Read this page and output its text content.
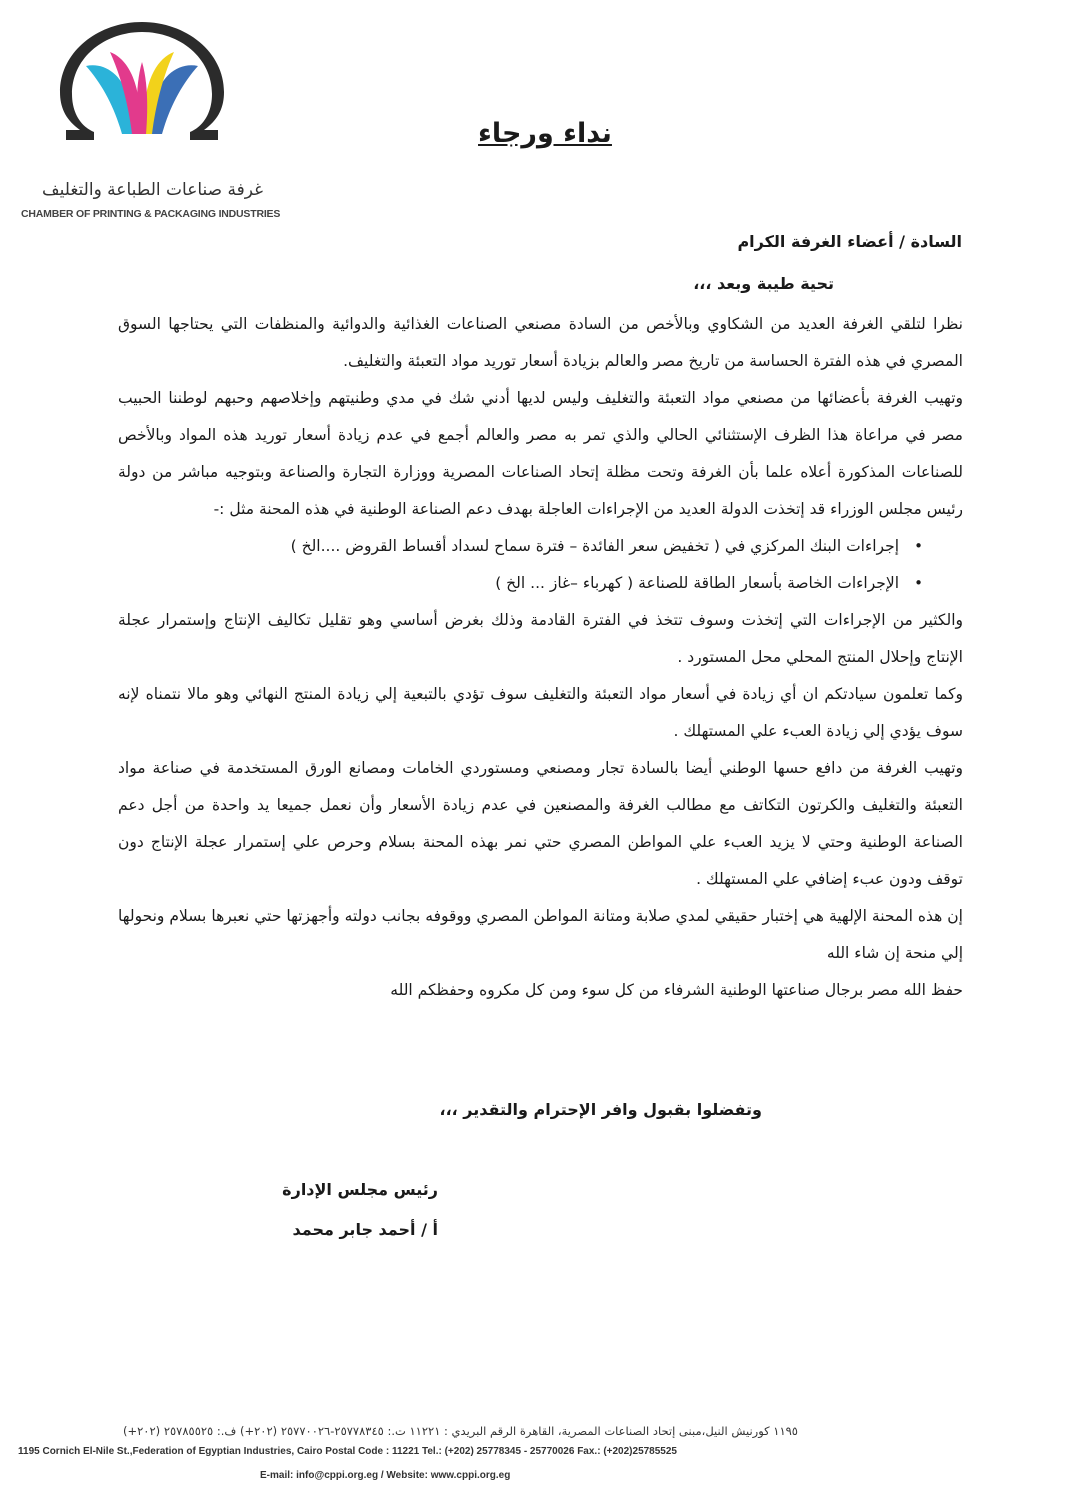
غرفة صناعات الطباعة والتغليف
CHAMBER OF PRINTING & PACKAGING INDUSTRIES
نداء ورجاء
السادة / أعضاء الغرفة الكرام
تحية طيبة وبعد ،،،

نظرا لتلقي الغرفة العديد من الشكاوي وبالأخص من السادة مصنعي الصناعات الغذائية والدوائية والمنظفات التي يحتاجها السوق المصري في هذه الفترة الحساسة من تاريخ مصر والعالم بزيادة أسعار توريد مواد التعبئة والتغليف.

وتهيب الغرفة بأعضائها من مصنعي مواد التعبئة والتغليف وليس لديها أدني شك في مدي وطنيتهم وإخلاصهم وحبهم لوطننا الحبيب مصر في مراعاة هذا الظرف الإستثنائي الحالي والذي تمر به مصر والعالم أجمع في عدم زيادة أسعار توريد هذه المواد وبالأخص للصناعات المذكورة أعلاه علما بأن الغرفة وتحت مظلة إتحاد الصناعات المصرية ووزارة التجارة والصناعة وبتوجيه مباشر من دولة رئيس مجلس الوزراء قد إتخذت الدولة العديد من الإجراءات العاجلة بهدف دعم الصناعة الوطنية في هذه المحنة مثل :-

• إجراءات البنك المركزي في ( تخفيض سعر الفائدة – فترة سماح لسداد أقساط القروض ....الخ )
• الإجراءات الخاصة بأسعار الطاقة للصناعة ( كهرباء –غاز ... الخ )

والكثير من الإجراءات التي إتخذت وسوف تتخذ في الفترة القادمة وذلك بغرض أساسي وهو تقليل تكاليف الإنتاج وإستمرار عجلة الإنتاج وإحلال المنتج المحلي محل المستورد .

وكما تعلمون سيادتكم ان أي زيادة في أسعار مواد التعبئة والتغليف سوف تؤدي بالتبعية إلي زيادة المنتج النهائي وهو مالا نتمناه لإنه سوف يؤدي إلي زيادة العبء علي المستهلك .

وتهيب الغرفة من دافع حسها الوطني أيضا بالسادة تجار ومصنعي ومستوردي الخامات ومصانع الورق المستخدمة في صناعة مواد التعبئة والتغليف والكرتون التكاتف مع مطالب الغرفة والمصنعين في عدم زيادة الأسعار وأن نعمل جميعا يد واحدة من أجل دعم الصناعة الوطنية وحتي لا يزيد العبء علي المواطن المصري حتي نمر بهذه المحنة بسلام وحرص علي إستمرار عجلة الإنتاج دون توقف ودون عبء إضافي علي المستهلك .

إن هذه المحنة الإلهية هي إختبار حقيقي لمدي صلابة ومتانة المواطن المصري ووقوفه بجانب دولته وأجهزتها حتي نعبرها بسلام ونحولها إلي منحة إن شاء الله

حفظ الله مصر برجال صناعتها الوطنية الشرفاء من كل سوء ومن كل مكروه وحفظكم الله

وتفضلوا بقبول وافر الإحترام والتقدير ،،،
رئيس مجلس الإدارة
أ / أحمد جابر محمد
١١٩٥ كورنيش النيل،مبنى إتحاد الصناعات المصرية، القاهرة الرقم البريدي : ١١٢٢١ ت.: ٢٥٧٧٨٣٤٥-٢٥٧٧٠٠٢٦ (٢٠٢+) ف.: ٢٥٧٨٥٥٢٥ (٢٠٢+)
1195 Cornich El-Nile St.,Federation of Egyptian Industries, Cairo Postal Code : 11221 Tel.: (+202) 25778345 - 25770026 Fax.: (+202)25785525
E-mail: info@cppi.org.eg / Website: www.cppi.org.eg
